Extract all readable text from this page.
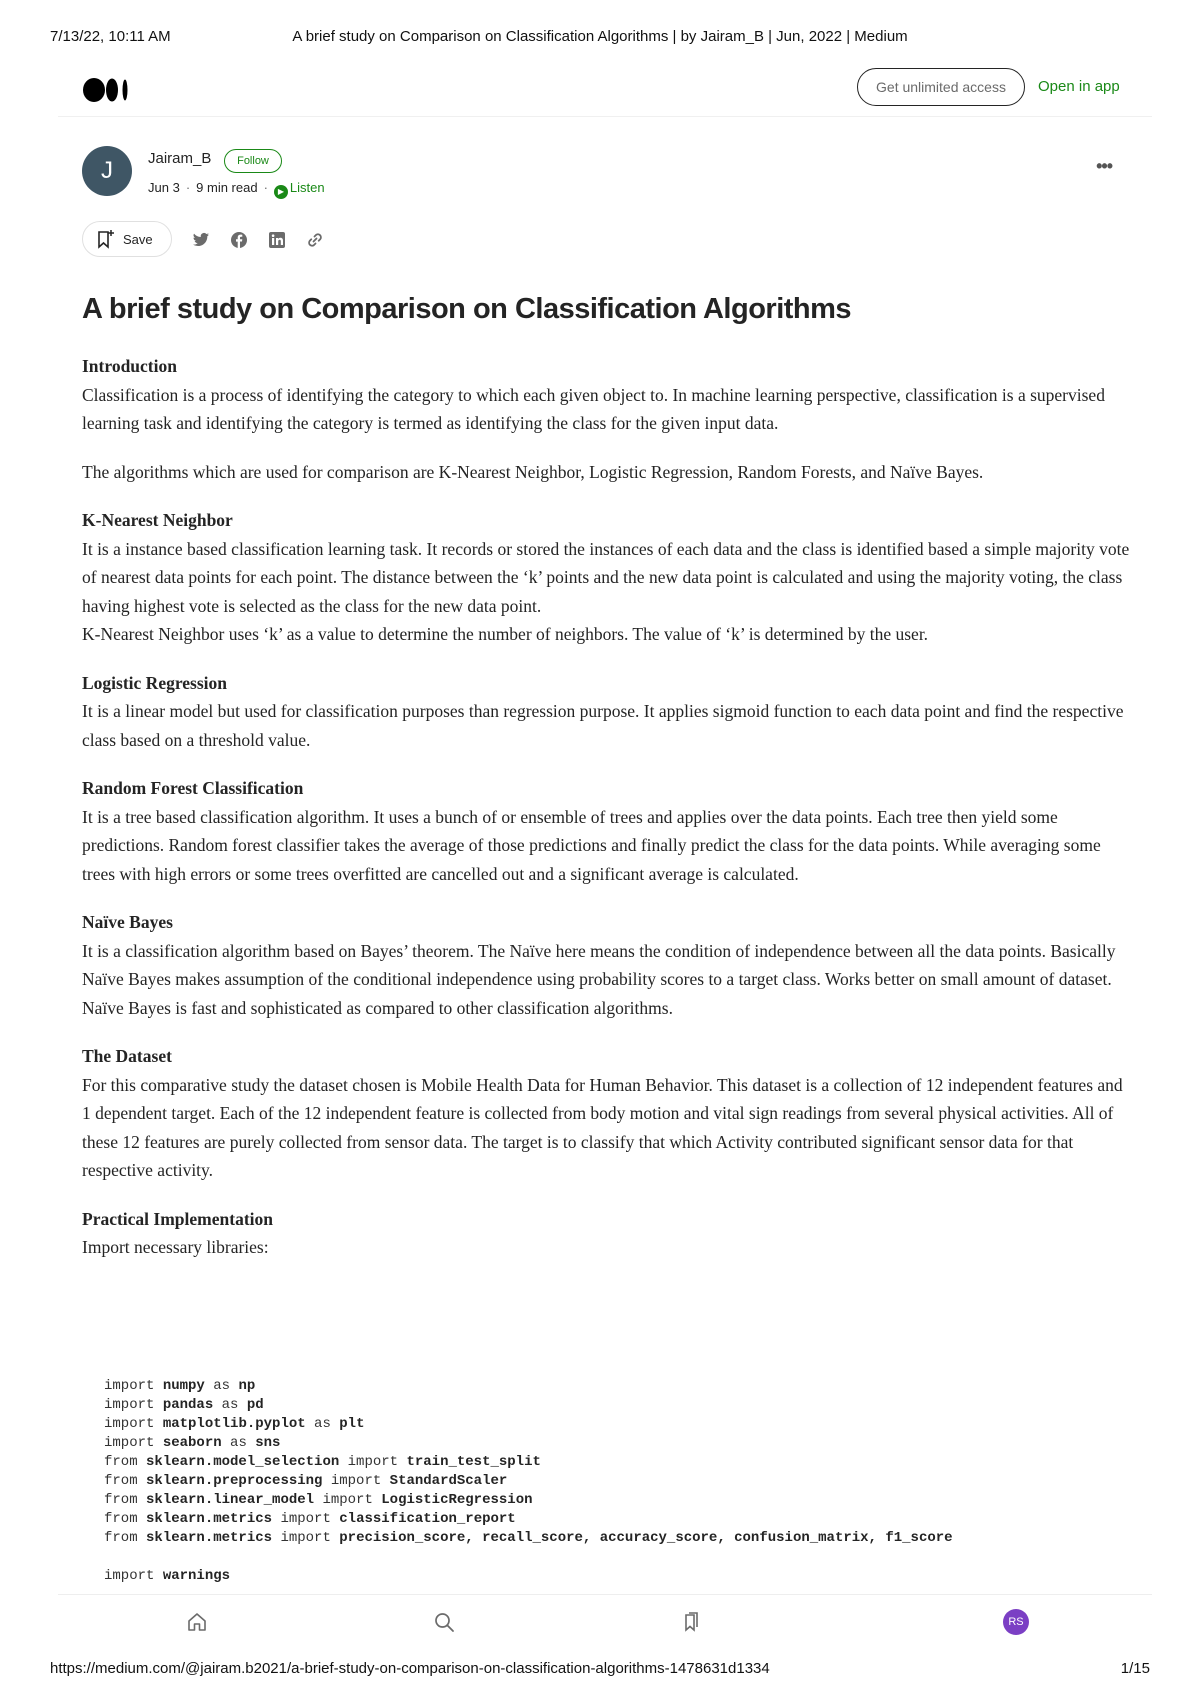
7/13/22, 10:11 AM	A brief study on Comparison on Classification Algorithms | by Jairam_B | Jun, 2022 | Medium
Get unlimited access	Open in app
J	Jairam_B	Follow
Jun 3 · 9 min read · ▶ Listen
•••
Save
A brief study on Comparison on Classification Algorithms
Introduction
Classification is a process of identifying the category to which each given object to. In machine learning perspective, classification is a supervised learning task and identifying the category is termed as identifying the class for the given input data.

The algorithms which are used for comparison are K-Nearest Neighbor, Logistic Regression, Random Forests, and Naïve Bayes.

K-Nearest Neighbor
It is a instance based classification learning task. It records or stored the instances of each data and the class is identified based a simple majority vote of nearest data points for each point. The distance between the ‘k’ points and the new data point is calculated and using the majority voting, the class having highest vote is selected as the class for the new data point.
K-Nearest Neighbor uses ‘k’ as a value to determine the number of neighbors. The value of ‘k’ is determined by the user.
Logistic Regression
It is a linear model but used for classification purposes than regression purpose. It applies sigmoid function to each data point and find the respective class based on a threshold value.
Random Forest Classification
It is a tree based classification algorithm. It uses a bunch of or ensemble of trees and applies over the data points. Each tree then yield some predictions. Random forest classifier takes the average of those predictions and finally predict the class for the data points. While averaging some trees with high errors or some trees overfitted are cancelled out and a significant average is calculated.
Naïve Bayes
It is a classification algorithm based on Bayes’ theorem. The Naïve here means the condition of independence between all the data points. Basically Naïve Bayes makes assumption of the conditional independence using probability scores to a target class. Works better on small amount of dataset.
Naïve Bayes is fast and sophisticated as compared to other classification algorithms.

The Dataset

For this comparative study the dataset chosen is Mobile Health Data for Human Behavior. This dataset is a collection of 12 independent features and 1 dependent target. Each of the 12 independent feature is collected from body motion and vital sign readings from several physical activities. All of these 12 features are purely collected from sensor data. The target is to classify that which Activity contributed significant sensor data for that respective activity.

Practical Implementation

Import necessary libraries:

import numpy as np
import pandas as pd
import matplotlib.pyplot as plt
import seaborn as sns
from sklearn.model_selection import train_test_split
from sklearn.preprocessing import StandardScaler
from sklearn.linear_model import LogisticRegression
from sklearn.metrics import classification_report
from sklearn.metrics import precision_score, recall_score, accuracy_score, confusion_matrix, f1_score
import warnings
RS
https://medium.com/@jairam.b2021/a-brief-study-on-comparison-on-classification-algorithms-1478631d1334	1/15
